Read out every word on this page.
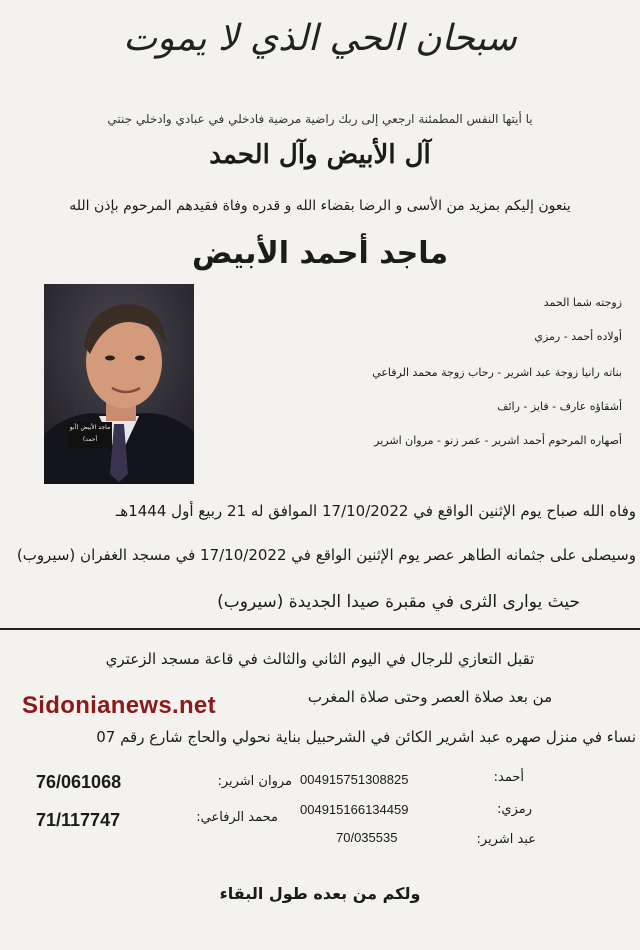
سبحان الحي الذي لا يموت
يا أيتها النفس المطمئنة ارجعي إلى ربك راضية مرضية فادخلي في عبادي وادخلي جنتي
آل الأبيض وآل الحمد
ينعون إليكم بمزيد من الأسى و الرضا بقضاء الله و قدره وفاة فقيدهم المرحوم بإذن الله
ماجد أحمد الأبيض
ماجد الأبيض (أبو أحمد)
زوجته شما الحمد
أولاده أحمد - رمزي
بناته رانيا زوجة عبد اشرير - رحاب زوجة محمد الرفاعي
أشقاؤه عارف - فايز - رائف
أصهاره المرحوم أحمد اشرير - عمر زنو - مروان اشرير
وفاه الله صباح يوم الإثنين الواقع في 17/10/2022 الموافق له 21 ربيع أول 1444هـ
وسيصلى على جثمانه الطاهر عصر يوم الإثنين الواقع في 17/10/2022 في مسجد الغفران (سيروب)
حيث يوارى الثرى في مقبرة صيدا الجديدة (سيروب)
تقبل التعازي للرجال في اليوم الثاني والثالث في قاعة مسجد الزعتري
من بعد صلاة العصر وحتى صلاة المغرب
Sidonianews.net
نساء في منزل صهره عبد اشرير الكائن في الشرحبيل بناية نحولي والحاج شارع رقم 07
أحمد:
004915751308825
رمزي:
004915166134459
عبد اشرير:
70/035535
مروان اشرير:
76/061068
محمد الرفاعي:
71/117747
ولكم من بعده طول البقاء
